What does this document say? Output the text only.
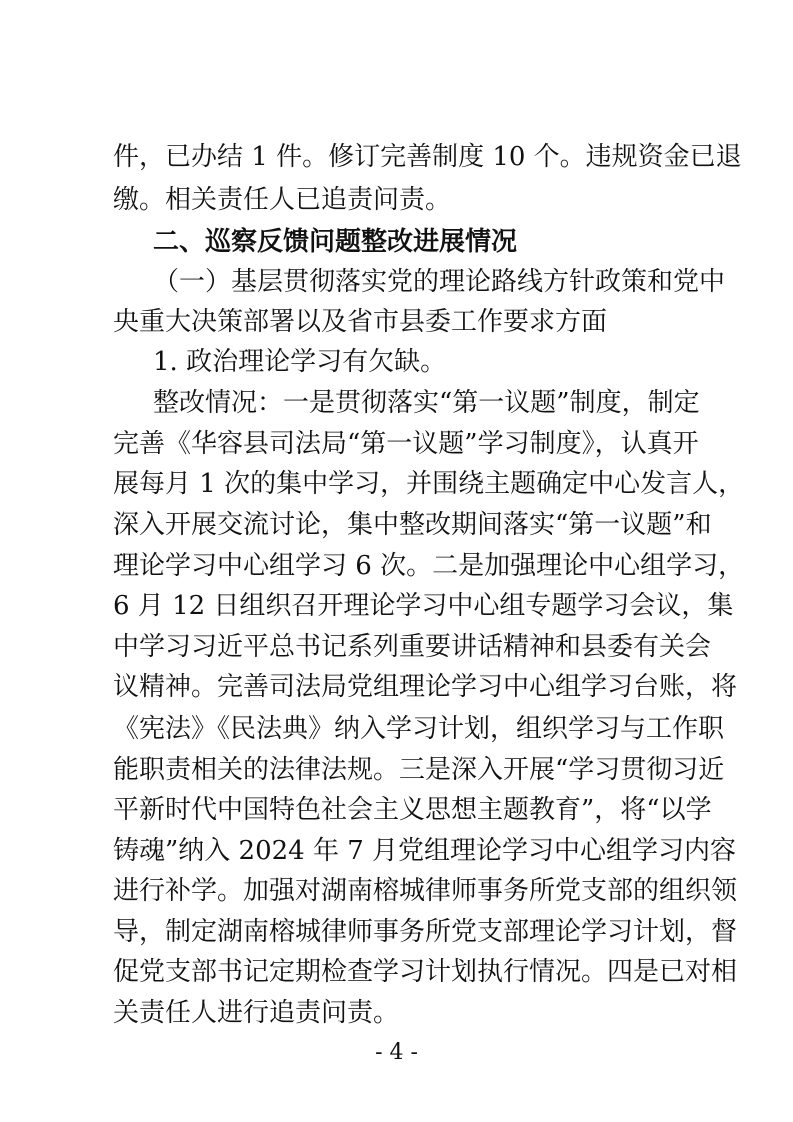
件，已办结 1 件。修订完善制度 10 个。违规资金已退
缴。相关责任人已追责问责。
二、巡察反馈问题整改进展情况
（一）基层贯彻落实党的理论路线方针政策和党中
央重大决策部署以及省市县委工作要求方面
1. 政治理论学习有欠缺。
整改情况：一是贯彻落实“第一议题”制度，制定
完善《华容县司法局“第一议题”学习制度》，认真开
展每月 1 次的集中学习，并围绕主题确定中心发言人，
深入开展交流讨论，集中整改期间落实“第一议题”和
理论学习中心组学习 6 次。二是加强理论中心组学习，
6 月 12 日组织召开理论学习中心组专题学习会议，集
中学习习近平总书记系列重要讲话精神和县委有关会
议精神。完善司法局党组理论学习中心组学习台账，将
《宪法》《民法典》纳入学习计划，组织学习与工作职
能职责相关的法律法规。三是深入开展“学习贯彻习近
平新时代中国特色社会主义思想主题教育”，将“以学
铸魂”纳入 2024 年 7 月党组理论学习中心组学习内容
进行补学。加强对湖南榕城律师事务所党支部的组织领
导，制定湖南榕城律师事务所党支部理论学习计划，督
促党支部书记定期检查学习计划执行情况。四是已对相
关责任人进行追责问责。
- 4 -
